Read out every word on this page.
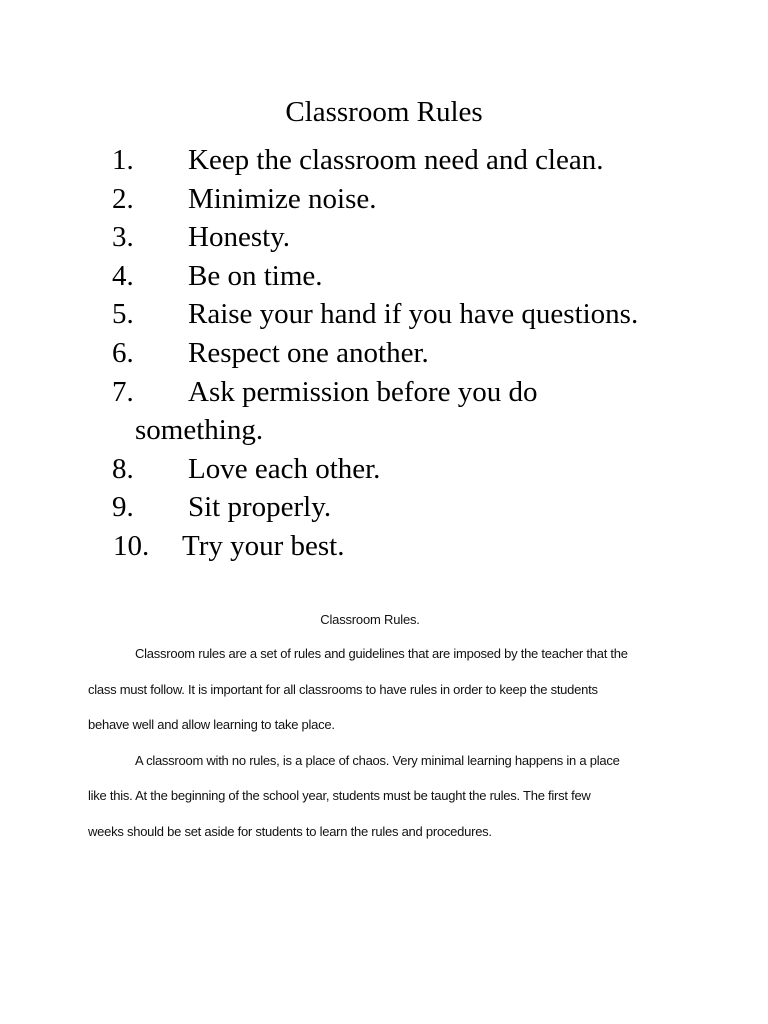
Classroom Rules
1. Keep the classroom need and clean.
2. Minimize noise.
3. Honesty.
4. Be on time.
5. Raise your hand if you have questions.
6. Respect one another.
7. Ask permission before you do
something.
8. Love each other.
9. Sit properly.
10. Try your best.

Classroom Rules.

Classroom rules are a set of rules and guidelines that are imposed by the teacher that the
class must follow. It is important for all classrooms to have rules in order to keep the students
behave well and allow learning to take place.

A classroom with no rules, is a place of chaos. Very minimal learning happens in a place
like this. At the beginning of the school year, students must be taught the rules. The first few
weeks should be set aside for students to learn the rules and procedures.
